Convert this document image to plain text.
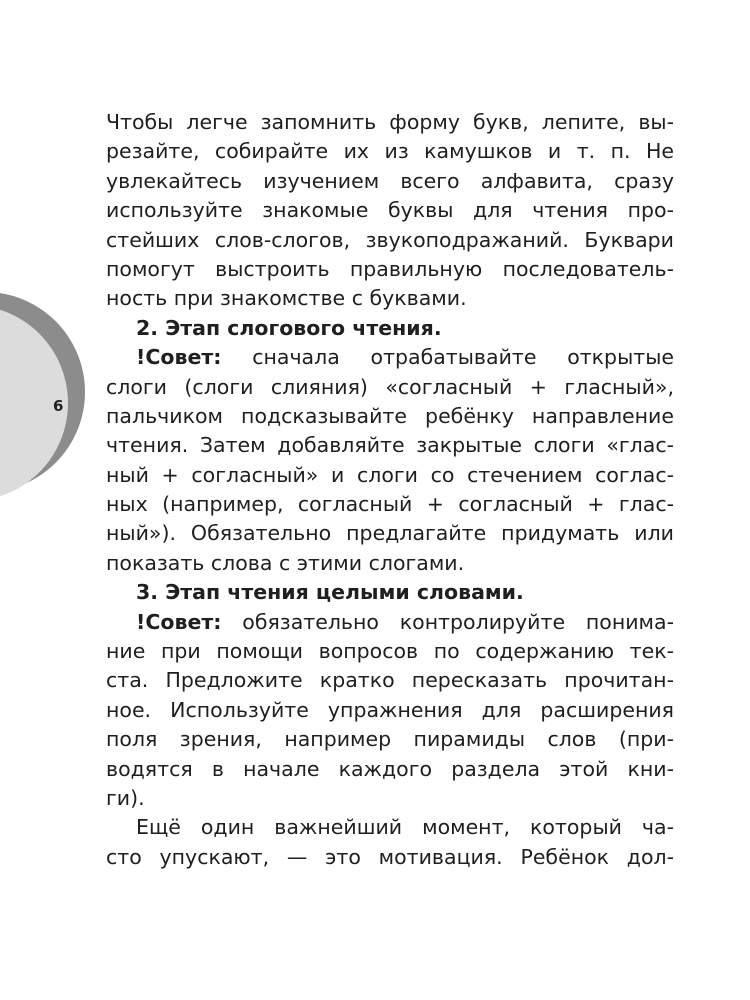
6
Чтобы легче запомнить форму букв, лепите, вы-
резайте, собирайте их из камушков и т. п. Не
увлекайтесь изучением всего алфавита, сразу
используйте знакомые буквы для чтения про-
стейших слов-слогов, звукоподражаний. Буквари
помогут выстроить правильную последователь-
ность при знакомстве с буквами.
2. Этап слогового чтения.
!Совет: сначала отрабатывайте открытые
слоги (слоги слияния) «согласный + гласный»,
пальчиком подсказывайте ребёнку направление
чтения. Затем добавляйте закрытые слоги «глас-
ный + согласный» и слоги со стечением соглас-
ных (например, согласный + согласный + глас-
ный»). Обязательно предлагайте придумать или
показать слова с этими слогами.
3. Этап чтения целыми словами.
!Совет: обязательно контролируйте понима-
ние при помощи вопросов по содержанию тек-
ста. Предложите кратко пересказать прочитан-
ное. Используйте упражнения для расширения
поля зрения, например пирамиды слов (при-
водятся в начале каждого раздела этой кни-
ги).
Ещё один важнейший момент, который ча-
сто упускают, — это мотивация. Ребёнок дол-
